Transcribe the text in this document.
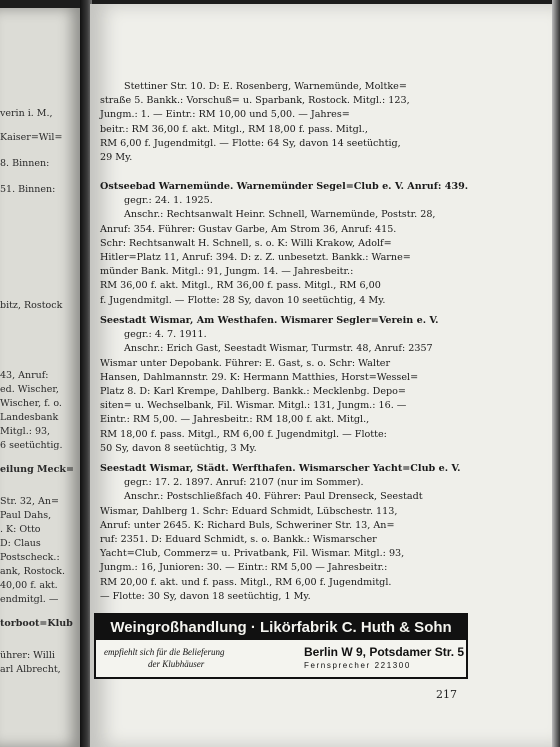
verin i. M.,
Kaiser=Wil=
8. Binnen:
51. Binnen:
bitz, Rostock
43, Anruf:
ed. Wischer,
Wischer, f. o.
Landesbank
Mitgl.: 93,
6 seetüchtig.
eilung Meck=
Str. 32, An=
Paul Dahs,
. K: Otto
D: Claus
Postscheck.:
ank, Rostock.
40,00 f. akt.
endmitgl. —
torboot=Klub
ührer: Willi
arl Albrecht,
Stettiner Str. 10. D: E. Rosenberg, Warnemünde, Moltke=
straße 5. Bankk.: Vorschuß= u. Sparbank, Rostock. Mitgl.: 123,
Jungm.: 1. — Eintr.: RM 10,00 und 5,00. — Jahres=
beitr.: RM 36,00 f. akt. Mitgl., RM 18,00 f. pass. Mitgl.,
RM 6,00 f. Jugendmitgl. — Flotte: 64 Sy, davon 14 seetüchtig,
29 My.
Ostseebad Warnemünde. Warnemünder Segel=Club e. V. Anruf: 439.
gegr.: 24. 1. 1925.
Anschr.: Rechtsanwalt Heinr. Schnell, Warnemünde, Poststr. 28,
Anruf: 354. Führer: Gustav Garbe, Am Strom 36, Anruf: 415.
Schr: Rechtsanwalt H. Schnell, s. o. K: Willi Krakow, Adolf=
Hitler=Platz 11, Anruf: 394. D: z. Z. unbesetzt. Bankk.: Warne=
münder Bank. Mitgl.: 91, Jungm. 14. — Jahresbeitr.:
RM 36,00 f. akt. Mitgl., RM 36,00 f. pass. Mitgl., RM 6,00
f. Jugendmitgl. — Flotte: 28 Sy, davon 10 seetüchtig, 4 My.
Seestadt Wismar, Am Westhafen. Wismarer Segler=Verein e. V.
gegr.: 4. 7. 1911.
Anschr.: Erich Gast, Seestadt Wismar, Turmstr. 48, Anruf: 2357
Wismar unter Depobank. Führer: E. Gast, s. o. Schr: Walter
Hansen, Dahlmannstr. 29. K: Hermann Matthies, Horst=Wessel=
Platz 8. D: Karl Krempe, Dahlberg. Bankk.: Mecklenbg. Depo=
siten= u. Wechselbank, Fil. Wismar. Mitgl.: 131, Jungm.: 16. —
Eintr.: RM 5,00. — Jahresbeitr.: RM 18,00 f. akt. Mitgl.,
RM 18,00 f. pass. Mitgl., RM 6,00 f. Jugendmitgl. — Flotte:
50 Sy, davon 8 seetüchtig, 3 My.
Seestadt Wismar, Städt. Werfthafen. Wismarscher Yacht=Club e. V.
gegr.: 17. 2. 1897. Anruf: 2107 (nur im Sommer).
Anschr.: Postschließfach 40. Führer: Paul Drenseck, Seestadt
Wismar, Dahlberg 1. Schr: Eduard Schmidt, Lübschestr. 113,
Anruf: unter 2645. K: Richard Buls, Schweriner Str. 13, An=
ruf: 2351. D: Eduard Schmidt, s. o. Bankk.: Wismarscher
Yacht=Club, Commerz= u. Privatbank, Fil. Wismar. Mitgl.: 93,
Jungm.: 16, Junioren: 30. — Eintr.: RM 5,00 — Jahresbeitr.:
RM 20,00 f. akt. und f. pass. Mitgl., RM 6,00 f. Jugendmitgl.
— Flotte: 30 Sy, davon 18 seetüchtig, 1 My.
Weingroßhandlung · Likörfabrik C. Huth & Sohn
empfiehlt sich für die Belieferung
der Klubhäuser
Berlin W 9, Potsdamer Str. 5
Fernsprecher 221300
217
